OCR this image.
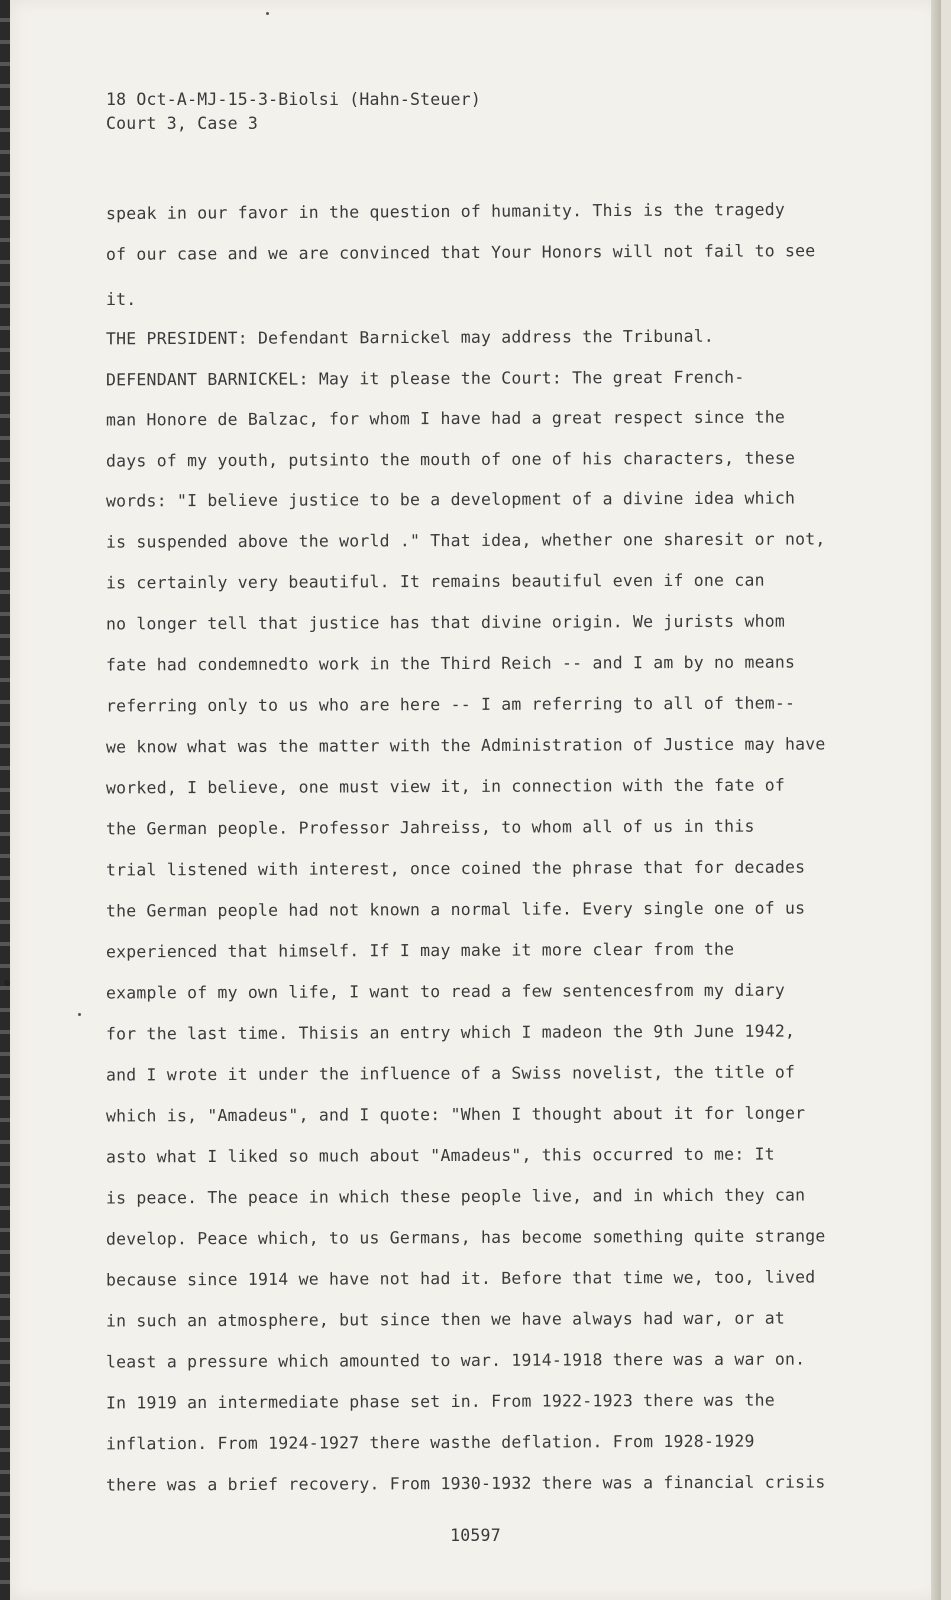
18 Oct-A-MJ-15-3-Biolsi (Hahn-Steuer)
Court 3, Case 3
speak in our favor in the question of humanity. This is the tragedy
of our case and we are convinced that Your Honors will not fail to see
it.
THE PRESIDENT: Defendant Barnickel may address the Tribunal.
DEFENDANT BARNICKEL: May it please the Court: The great French-
man Honore de Balzac, for whom I have had a great respect since the
days of my youth, putsinto the mouth of one of his characters, these
words: "I believe justice to be a development of a divine idea which
is suspended above the world ." That idea, whether one sharesit or not,
is certainly very beautiful. It remains beautiful even if one can
no longer tell that justice has that divine origin. We jurists whom
fate had condemnedto work in the Third Reich -- and I am by no means
referring only to us who are here -- I am referring to all of them--
we know what was the matter with the Administration of Justice may have
worked, I believe, one must view it, in connection with the fate of
the German people. Professor Jahreiss, to whom all of us in this
trial listened with interest, once coined the phrase that for decades
the German people had not known a normal life. Every single one of us
experienced that himself. If I may make it more clear from the
example of my own life, I want to read a few sentencesfrom my diary
for the last time. Thisis an entry which I madeon the 9th June 1942,
and I wrote it under the influence of a Swiss novelist, the title of
which is, "Amadeus", and I quote: "When I thought about it for longer
asto what I liked so much about "Amadeus", this occurred to me: It
is peace. The peace in which these people live, and in which they can
develop. Peace which, to us Germans, has become something quite strange
because since 1914 we have not had it. Before that time we, too, lived
in such an atmosphere, but since then we have always had war, or at
least a pressure which amounted to war. 1914-1918 there was a war on.
In 1919 an intermediate phase set in. From 1922-1923 there was the
inflation. From 1924-1927 there wasthe deflation. From 1928-1929
there was a brief recovery. From 1930-1932 there was a financial crisis
10597
